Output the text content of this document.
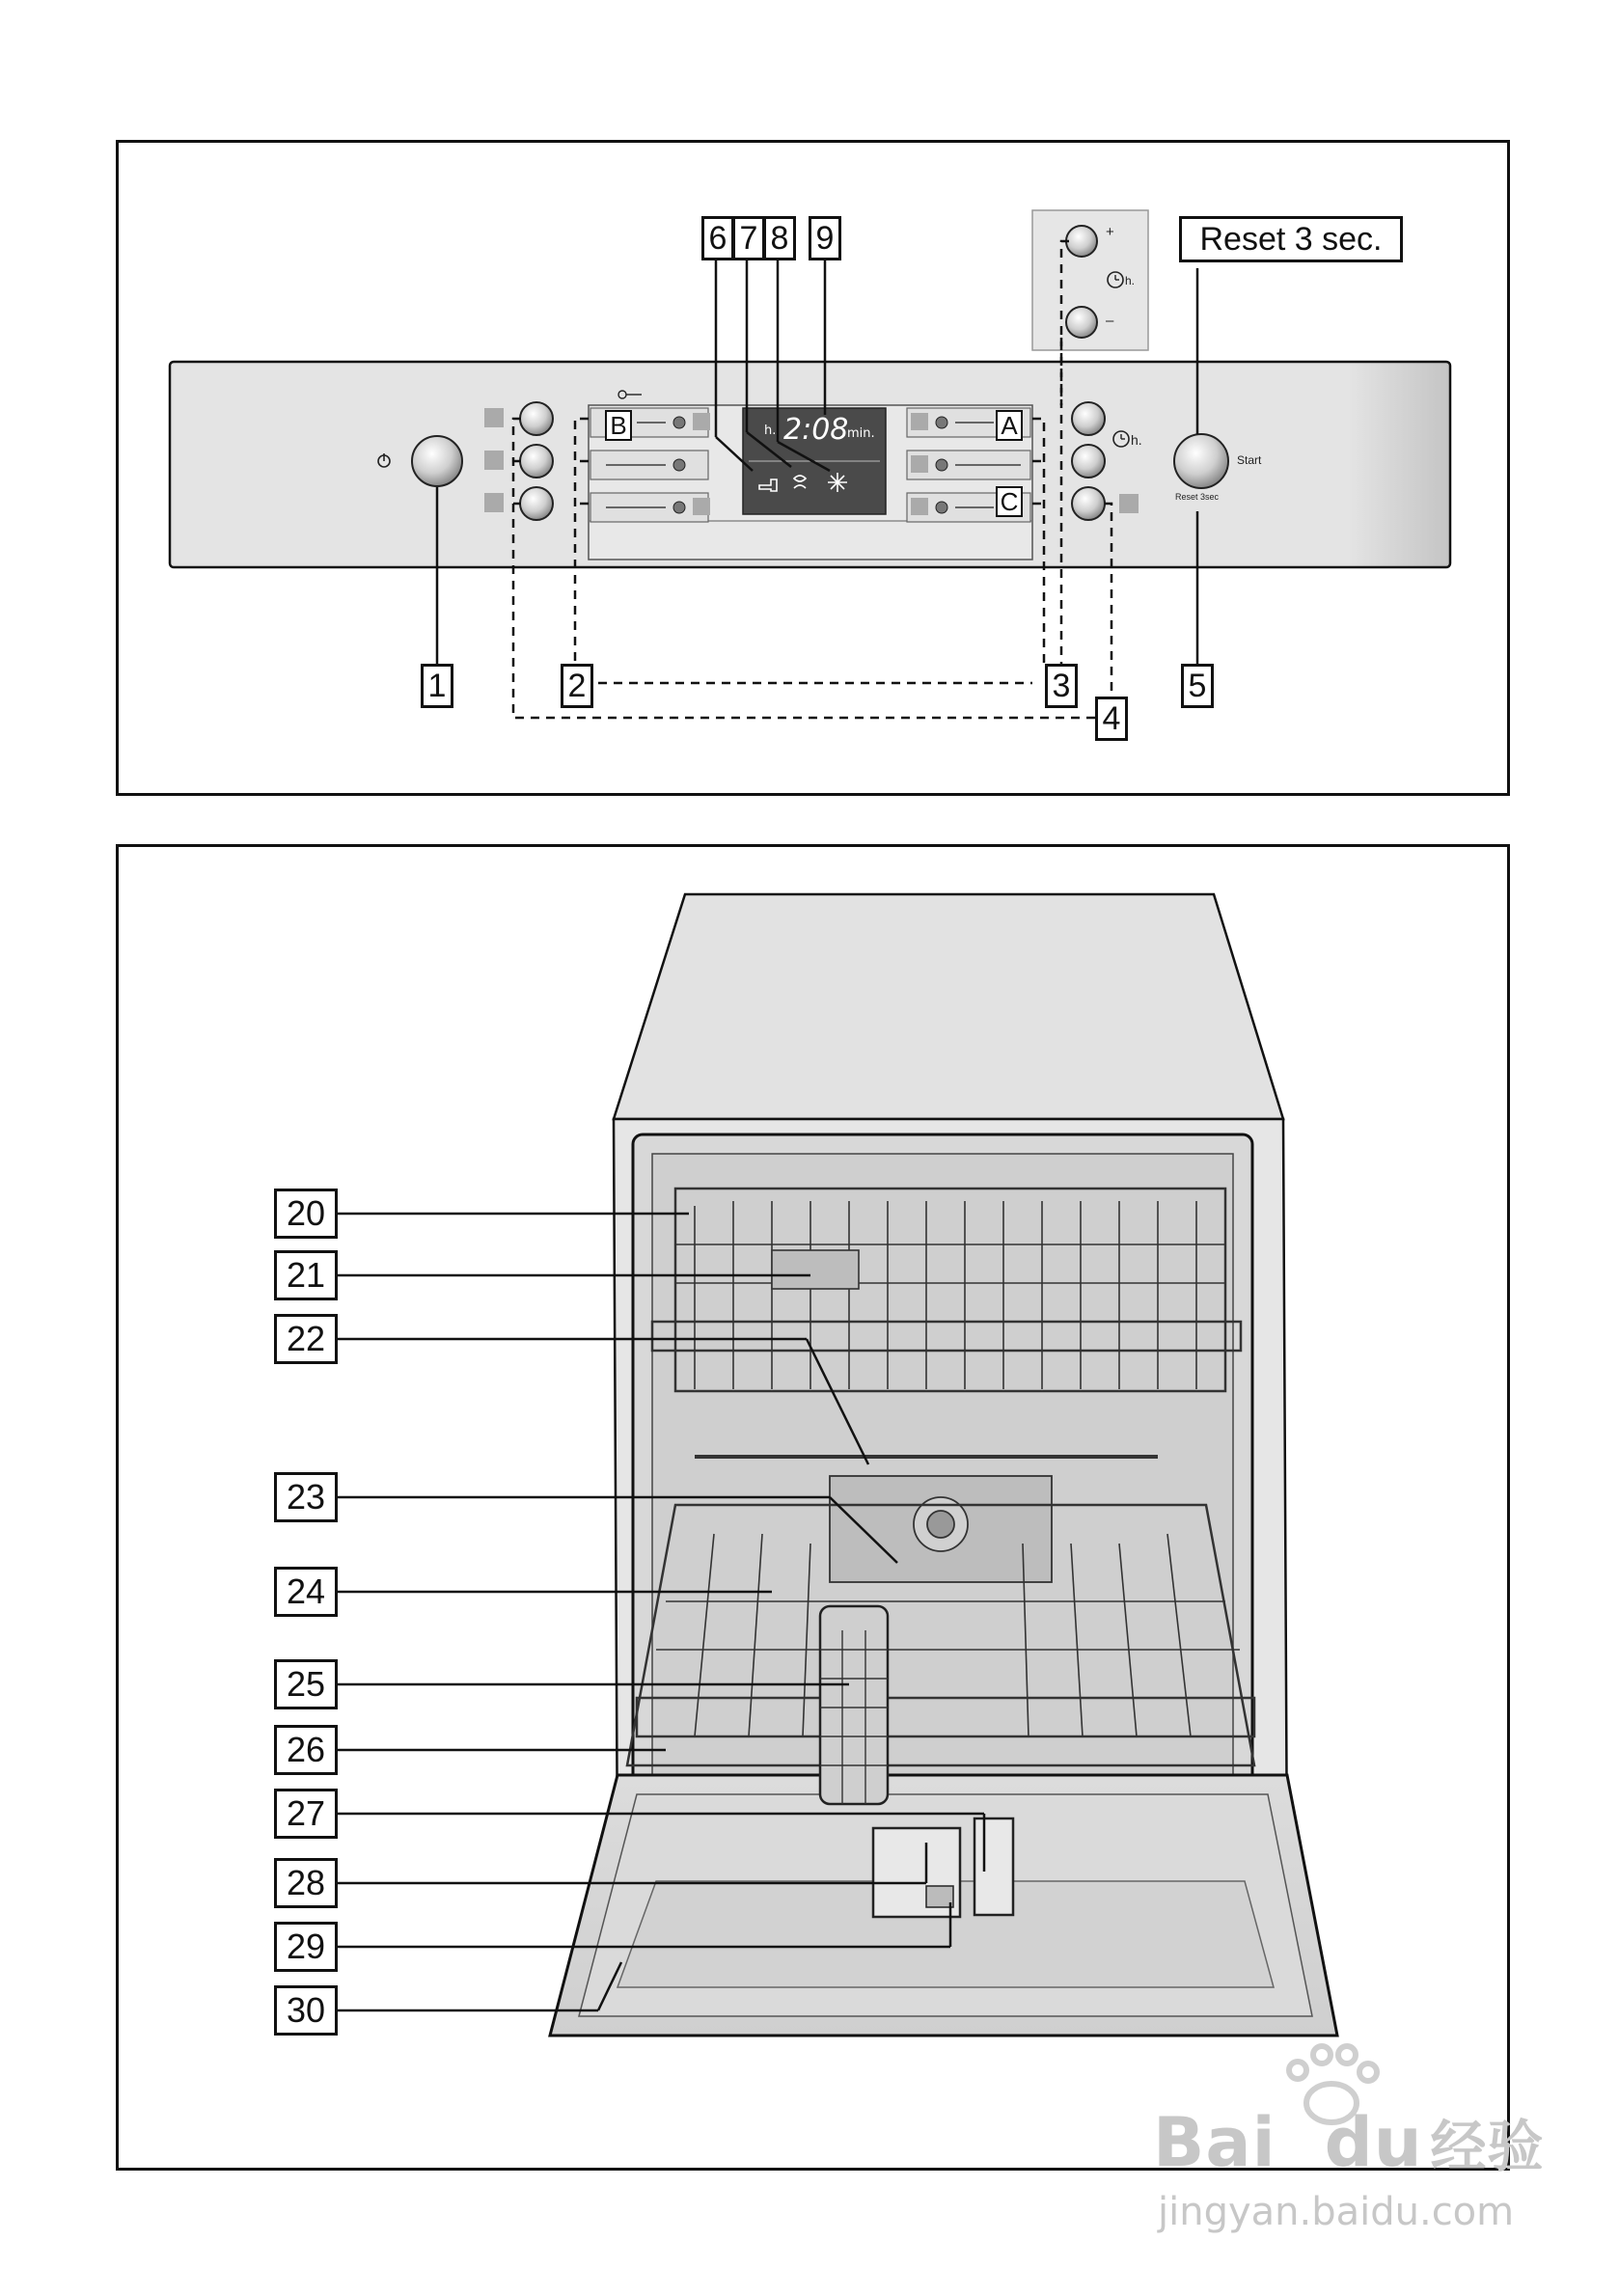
1	2	3
4
5
6 7 8 9	Reset 3 sec.
B	A
C
h. 2:08
min.	h.
h.
+
–
Start
Reset 3sec
20
21
22
23
24
25
26
27
28
29
30
Bai du 经验
jingyan.baidu.com
